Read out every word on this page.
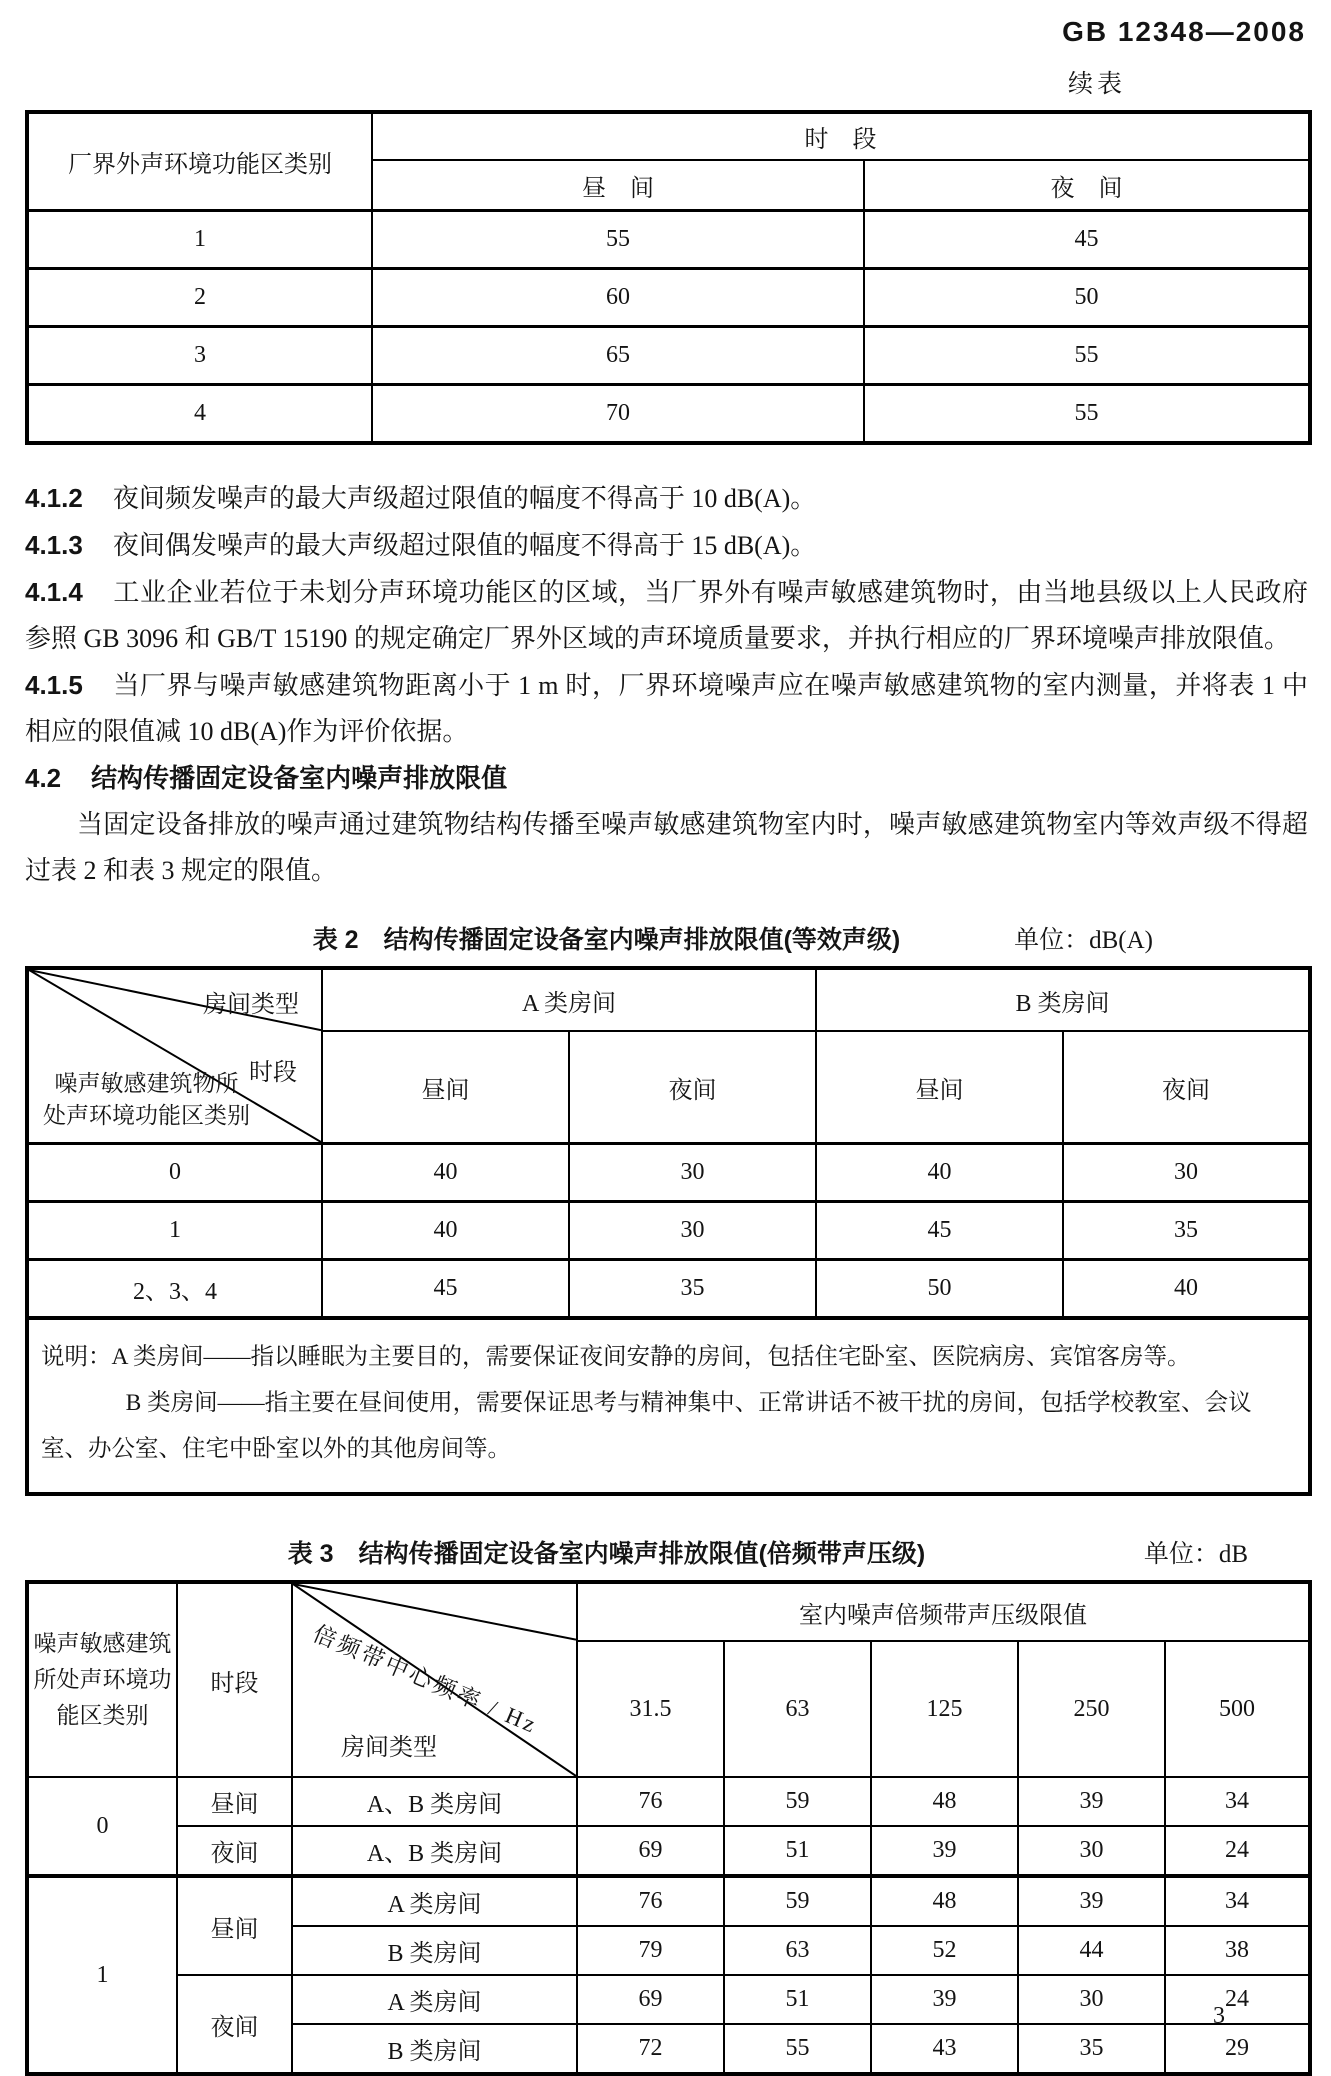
GB 12348—2008
续表
厂界外声环境功能区类别	时　段	
	昼　间	夜　间
1	55	45
2	60	50
3	65	55
4	70	55

4.1.2 夜间频发噪声的最大声级超过限值的幅度不得高于 10 dB(A)。

4.1.3 夜间偶发噪声的最大声级超过限值的幅度不得高于 15 dB(A)。

4.1.4 工业企业若位于未划分声环境功能区的区域，当厂界外有噪声敏感建筑物时，由当地县级以上人民政府参照 GB 3096 和 GB/T 15190 的规定确定厂界外区域的声环境质量要求，并执行相应的厂界环境噪声排放限值。

4.1.5 当厂界与噪声敏感建筑物距离小于 1 m 时，厂界环境噪声应在噪声敏感建筑物的室内测量，并将表 1 中相应的限值减 10 dB(A)作为评价依据。

4.2 结构传播固定设备室内噪声排放限值

当固定设备排放的噪声通过建筑物结构传播至噪声敏感建筑物室内时，噪声敏感建筑物室内等效声级不得超过表 2 和表 3 规定的限值。

表 2　结构传播固定设备室内噪声排放限值(等效声级)	单位：dB(A)
房间类型
时段
噪声敏感建筑物所
处声环境功能区类别	A 类房间		B 类房间	
	昼间	夜间	昼间	夜间
0	40	30	40	30
1	40	30	45	35
2、3、4	45	35	50	40

说明：A 类房间——指以睡眠为主要目的，需要保证夜间安静的房间，包括住宅卧室、医院病房、宾馆客房等。
B 类房间——指主要在昼间使用，需要保证思考与精神集中、正常讲话不被干扰的房间，包括学校教室、会议室、办公室、住宅中卧室以外的其他房间等。				
表 3　结构传播固定设备室内噪声排放限值(倍频带声压级)	单位：dB
噪声敏感建筑
所处声环境功
能区类别
	时段	倍频带中心频率 / Hz
房间类型
	室内噪声倍频带声压级限值
			31.5	63	125	250	500
0	昼间	A、B 类房间	76	59	48	39	34
	夜间	A、B 类房间	69	51	39	30	24
1	昼间	A 类房间	76	59	48	39	34
		B 类房间	79	63	52	44	38
	夜间	A 类房间	69	51	39	30	24
		B 类房间	72	55	43	35	29
3
